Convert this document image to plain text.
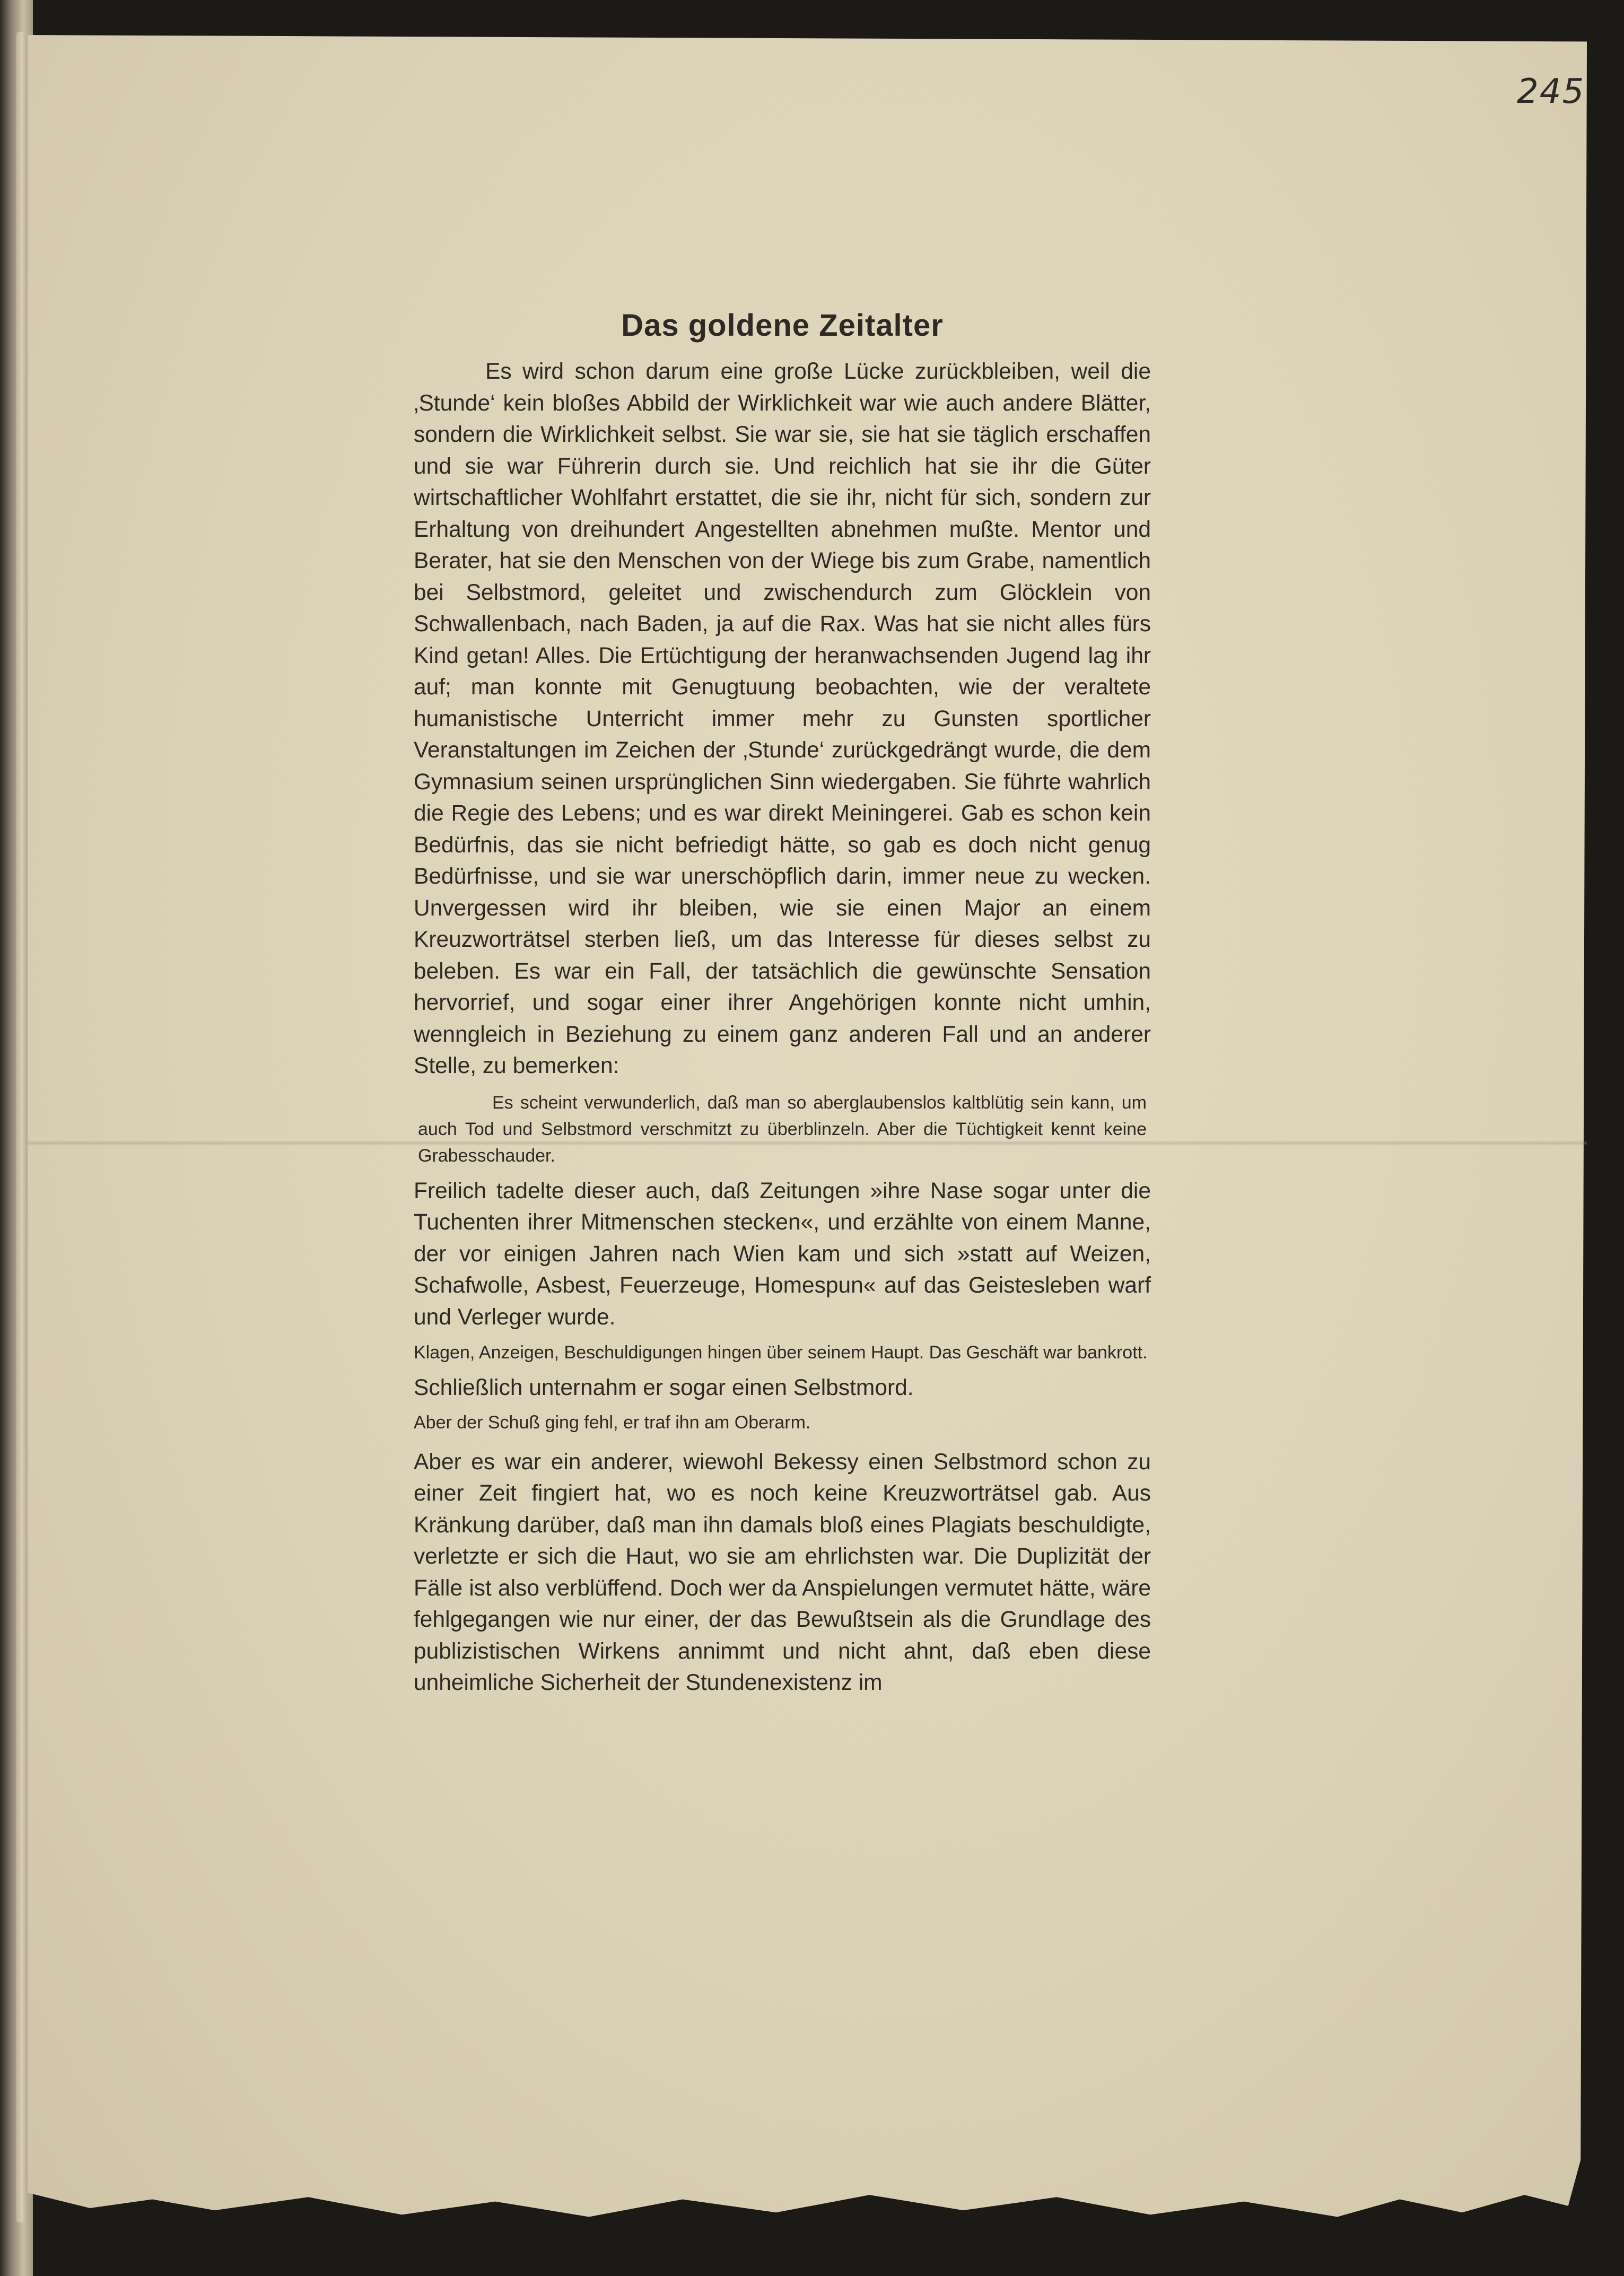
245
Das goldene Zeitalter

Es wird schon darum eine große Lücke zurückbleiben, weil die ‚Stunde‘ kein bloßes Abbild der Wirklichkeit war wie auch andere Blätter, sondern die Wirklichkeit selbst. Sie war sie, sie hat sie täglich erschaffen und sie war Führerin durch sie. Und reichlich hat sie ihr die Güter wirtschaftlicher Wohlfahrt erstattet, die sie ihr, nicht für sich, sondern zur Erhaltung von dreihundert Angestellten abnehmen mußte. Mentor und Berater, hat sie den Menschen von der Wiege bis zum Grabe, namentlich bei Selbstmord, geleitet und zwischendurch zum Glöcklein von Schwallenbach, nach Baden, ja auf die Rax. Was hat sie nicht alles fürs Kind getan! Alles. Die Ertüchtigung der heranwachsenden Jugend lag ihr auf; man konnte mit Genugtuung beobachten, wie der veraltete humanistische Unterricht immer mehr zu Gunsten sportlicher Veranstaltungen im Zeichen der ‚Stunde‘ zurückgedrängt wurde, die dem Gymnasium seinen ursprünglichen Sinn wiedergaben. Sie führte wahrlich die Regie des Lebens; und es war direkt Meiningerei. Gab es schon kein Bedürfnis, das sie nicht befriedigt hätte, so gab es doch nicht genug Bedürfnisse, und sie war unerschöpflich darin, immer neue zu wecken. Unvergessen wird ihr bleiben, wie sie einen Major an einem Kreuzworträtsel sterben ließ, um das Interesse für dieses selbst zu beleben. Es war ein Fall, der tatsächlich die gewünschte Sensation hervorrief, und sogar einer ihrer Angehörigen konnte nicht umhin, wenngleich in Beziehung zu einem ganz anderen Fall und an anderer Stelle, zu bemerken:

Es scheint verwunderlich, daß man so aberglaubenslos kaltblütig sein kann, um auch Tod und Selbstmord verschmitzt zu überblinzeln. Aber die Tüchtigkeit kennt keine Grabesschauder.

Freilich tadelte dieser auch, daß Zeitungen »ihre Nase sogar unter die Tuchenten ihrer Mitmenschen stecken«, und erzählte von einem Manne, der vor einigen Jahren nach Wien kam und sich »statt auf Weizen, Schafwolle, Asbest, Feuerzeuge, Homespun« auf das Geistesleben warf und Verleger wurde.

Klagen, Anzeigen, Beschuldigungen hingen über seinem Haupt. Das Geschäft war bankrott.

Schließlich unternahm er sogar einen Selbstmord.

Aber der Schuß ging fehl, er traf ihn am Oberarm.

Aber es war ein anderer, wiewohl Bekessy einen Selbstmord schon zu einer Zeit fingiert hat, wo es noch keine Kreuzworträtsel gab. Aus Kränkung darüber, daß man ihn damals bloß eines Plagiats beschuldigte, verletzte er sich die Haut, wo sie am ehrlichsten war. Die Duplizität der Fälle ist also verblüffend. Doch wer da Anspielungen vermutet hätte, wäre fehlgegangen wie nur einer, der das Bewußtsein als die Grundlage des publizistischen Wirkens annimmt und nicht ahnt, daß eben diese unheimliche Sicherheit der Stundenexistenz im
